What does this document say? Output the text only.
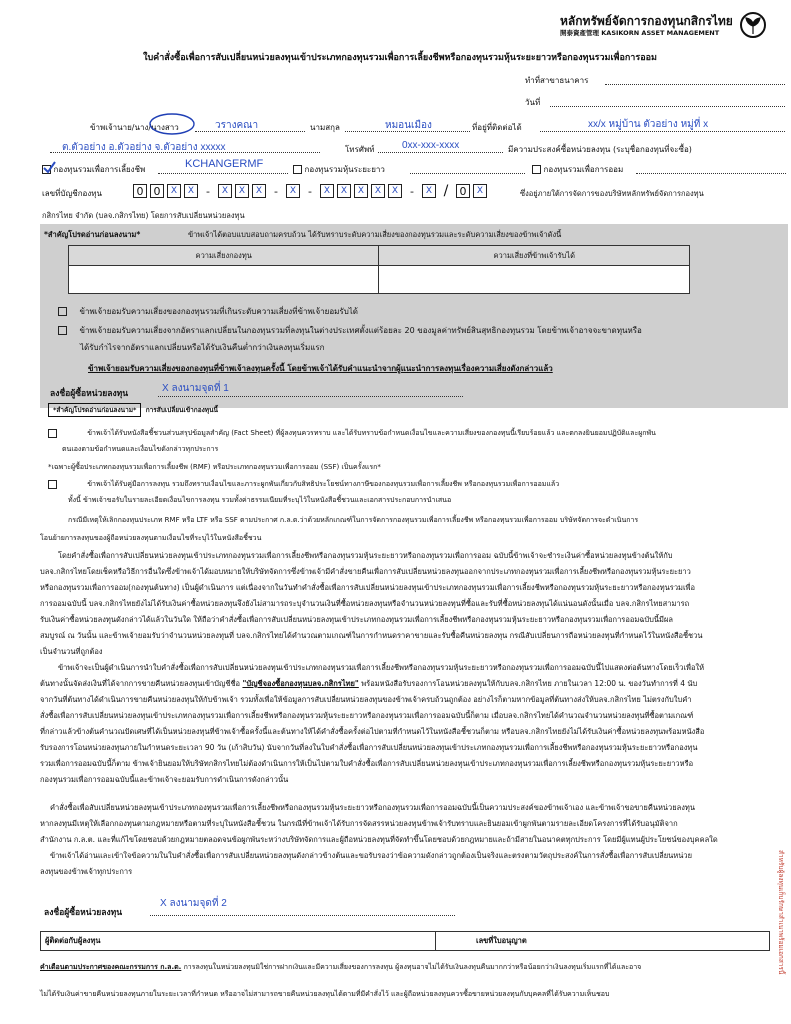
หลักทรัพย์จัดการกองทุนกสิกรไทย
開泰資產管理 KASIKORN ASSET MANAGEMENT
ใบคำสั่งซื้อเพื่อการสับเปลี่ยนหน่วยลงทุนเข้าประเภทกองทุนรวมเพื่อการเลี้ยงชีพหรือกองทุนรวมหุ้นระยะยาวหรือกองทุนรวมเพื่อการออม
ทำที่สาขาธนาคาร
วันที่
ข้าพเจ้านาย/นาง/นางสาว	วรางคณา	นามสกุล	หมอนเมือง	ที่อยู่ที่ติดต่อได้	xx/x หมู่บ้าน ตัวอย่าง หมู่ที่ x
ต.ตัวอย่าง อ.ตัวอย่าง จ.ตัวอย่าง xxxxx	โทรศัพท์	0xx-xxx-xxxx	มีความประสงค์ซื้อหน่วยลงทุน (ระบุชื่อกองทุนที่จะซื้อ)
กองทุนรวมเพื่อการเลี้ยงชีพ	KCHANGERMF	กองทุนรวมหุ้นระยะยาว	กองทุนรวมเพื่อการออม
เลขที่บัญชีกองทุน	0 0	X	X	-	X	X	X	-	X	-	X	X	X	X	X	-	X /	0	X	ซึ่งอยู่ภายใต้การจัดการของบริษัทหลักทรัพย์จัดการกองทุน
กสิกรไทย จำกัด (บลจ.กสิกรไทย) โดยการสับเปลี่ยนหน่วยลงทุน
*สำคัญโปรดอ่านก่อนลงนาม*	ข้าพเจ้าได้ตอบแบบสอบถามครบถ้วน ได้รับทราบระดับความเสี่ยงของกองทุนรวมและระดับความเสี่ยงของข้าพเจ้าดังนี้
ความเสี่ยงกองทุน	ความเสี่ยงที่ข้าพเจ้ารับได้

ข้าพเจ้ายอมรับความเสี่ยงของกองทุนรวมที่เกินระดับความเสี่ยงที่ข้าพเจ้ายอมรับได้
ข้าพเจ้ายอมรับความเสี่ยงจากอัตราแลกเปลี่ยนในกองทุนรวมที่ลงทุนในต่างประเทศตั้งแต่ร้อยละ 20 ของมูลค่าทรัพย์สินสุทธิกองทุนรวม โดยข้าพเจ้าอาจจะขาดทุนหรือ
ได้รับกำไรจากอัตราแลกเปลี่ยนหรือได้รับเงินคืนต่ำกว่าเงินลงทุนเริ่มแรก
ข้าพเจ้ายอมรับความเสี่ยงของกองทุนที่ข้าพเจ้าลงทุนครั้งนี้ โดยข้าพเจ้าได้รับคำแนะนำจากผู้แนะนำการลงทุนเรื่องความเสี่ยงดังกล่าวแล้ว
ลงชื่อผู้ซื้อหน่วยลงทุน	X ลงนามจุดที่ 1
*สำคัญโปรดอ่านก่อนลงนาม* การสับเปลี่ยนเข้ากองทุนนี้
ข้าพเจ้าได้รับหนังสือชี้ชวนส่วนสรุปข้อมูลสำคัญ (Fact Sheet) ที่ผู้ลงทุนควรทราบ และได้รับทราบข้อกำหนดเงื่อนไขและความเสี่ยงของกองทุนนี้เรียบร้อยแล้ว และตกลงยินยอมปฏิบัติและผูกพัน
ตนเองตามข้อกำหนดและเงื่อนไขดังกล่าวทุกประการ
*เฉพาะผู้ซื้อประเภทกองทุนรวมเพื่อการเลี้ยงชีพ (RMF) หรือประเภทกองทุนรวมเพื่อการออม (SSF) เป็นครั้งแรก*
ข้าพเจ้าได้รับคู่มือการลงทุน รวมถึงทราบเงื่อนไขและภาระผูกพันเกี่ยวกับสิทธิประโยชน์ทางภาษีของกองทุนรวมเพื่อการเลี้ยงชีพ หรือกองทุนรวมเพื่อการออมแล้ว
ทั้งนี้ ข้าพเจ้าขอรับในรายละเอียดเงื่อนไขการลงทุน รวมทั้งค่าธรรมเนียมที่ระบุไว้ในหนังสือชี้ชวนและเอกสารประกอบการนำเสนอ
กรณีมีเหตุให้เลิกกองทุนประเภท RMF หรือ LTF หรือ SSF ตามประกาศ ก.ล.ต.ว่าด้วยหลักเกณฑ์ในการจัดการกองทุนรวมเพื่อการเลี้ยงชีพ หรือกองทุนรวมเพื่อการออม บริษัทจัดการจะดำเนินการ
โอนย้ายการลงทุนของผู้ถือหน่วยลงทุนตามเงื่อนไขที่ระบุไว้ในหนังสือชี้ชวน
โดยคำสั่งซื้อเพื่อการสับเปลี่ยนหน่วยลงทุนเข้าประเภทกองทุนรวมเพื่อการเลี้ยงชีพหรือกองทุนรวมหุ้นระยะยาวหรือกองทุนรวมเพื่อการออม ฉบับนี้ข้าพเจ้าจะชำระเงินค่าซื้อหน่วยลงทุนข้างต้นให้กับ
บลจ.กสิกรไทยโดยเช็คหรือวิธีการอื่นใดซึ่งข้าพเจ้าได้มอบหมายให้บริษัทจัดการซึ่งข้าพเจ้ามีคำสั่งขายคืนเพื่อการสับเปลี่ยนหน่วยลงทุนออกจากประเภทกองทุนรวมเพื่อการเลี้ยงชีพหรือกองทุนรวมหุ้นระยะยาว
หรือกองทุนรวมเพื่อการออม(กองทุนต้นทาง) เป็นผู้ดำเนินการ แต่เนื่องจากในวันทำคำสั่งซื้อเพื่อการสับเปลี่ยนหน่วยลงทุนเข้าประเภทกองทุนรวมเพื่อการเลี้ยงชีพหรือกองทุนรวมหุ้นระยะยาวหรือกองทุนรวมเพื่อ
การออมฉบับนี้ บลจ.กสิกรไทยยังไม่ได้รับเงินค่าซื้อหน่วยลงทุนจึงยังไม่สามารถระบุจำนวนเงินที่ซื้อหน่วยลงทุนหรือจำนวนหน่วยลงทุนที่ซื้อและรับที่ซื้อหน่วยลงทุนได้แน่นอนดังนั้นเมื่อ บลจ.กสิกรไทยสามารถ
รับเงินค่าซื้อหน่วยลงทุนดังกล่าวได้แล้วในวันใด ให้ถือว่าคำสั่งซื้อเพื่อการสับเปลี่ยนหน่วยลงทุนเข้าประเภทกองทุนรวมเพื่อการเลี้ยงชีพหรือกองทุนรวมหุ้นระยะยาวหรือกองทุนรวมเพื่อการออมฉบับนี้มีผล
สมบูรณ์ ณ วันนั้น และข้าพเจ้ายอมรับว่าจำนวนหน่วยลงทุนที่ บลจ.กสิกรไทยได้คำนวณตามเกณฑ์ในการกำหนดราคาขายและรับซื้อคืนหน่วยลงทุน กรณีสับเปลี่ยนการถือหน่วยลงทุนที่กำหนดไว้ในหนังสือชี้ชวน
เป็นจำนวนที่ถูกต้อง
ข้าพเจ้าจะเป็นผู้ดำเนินการนำใบคำสั่งซื้อเพื่อการสับเปลี่ยนหน่วยลงทุนเข้าประเภทกองทุนรวมเพื่อการเลี้ยงชีพหรือกองทุนรวมหุ้นระยะยาวหรือกองทุนรวมเพื่อการออมฉบับนี้ไปแสดงต่อต้นทางโดยเร็วเพื่อให้
ต้นทางนั้นจัดส่งเงินที่ได้จากการขายคืนหน่วยลงทุนเข้าบัญชีชื่อ "บัญชีจองซื้อกองทุนบลจ.กสิกรไทย" พร้อมหนังสือรับรองการโอนหน่วยลงทุนให้กับบลจ.กสิกรไทย ภายในเวลา 12:00 น. ของวันทำการที่ 4 นับ
จากวันที่ต้นทางได้ดำเนินการขายคืนหน่วยลงทุนให้กับข้าพเจ้า รวมทั้งเพื่อให้ข้อมูลการสับเปลี่ยนหน่วยลงทุนของข้าพเจ้าครบถ้วนถูกต้อง อย่างไรก็ตามหากข้อมูลที่ต้นทางส่งให้บลจ.กสิกรไทย ไม่ตรงกับใบคำ
สั่งซื้อเพื่อการสับเปลี่ยนหน่วยลงทุนเข้าประเภทกองทุนรวมเพื่อการเลี้ยงชีพหรือกองทุนรวมหุ้นระยะยาวหรือกองทุนรวมเพื่อการออมฉบับนี้ก็ตาม เมื่อบลจ.กสิกรไทยได้คำนวณจำนวนหน่วยลงทุนที่ซื้อตามเกณฑ์
ที่กล่าวแล้วข้างต้นคำนวณปัดเศษที่ได้เป็นหน่วยลงทุนที่ข้าพเจ้าซื้อครั้งนี้และต้นทางให้ได้คำสั่งซื้อครั้งต่อไปตามที่กำหนดไว้ในหนังสือชี้ชวนก็ตาม หรือบลจ.กสิกรไทยยังไม่ได้รับเงินค่าซื้อหน่วยลงทุนพร้อมหนังสือ
รับรองการโอนหน่วยลงทุนภายในกำหนดระยะเวลา 90 วัน (เก้าสิบวัน) นับจากวันที่ลงในใบคำสั่งซื้อเพื่อการสับเปลี่ยนหน่วยลงทุนเข้าประเภทกองทุนรวมเพื่อการเลี้ยงชีพหรือกองทุนรวมหุ้นระยะยาวหรือกองทุน
รวมเพื่อการออมฉบับนี้ก็ตาม ข้าพเจ้ายินยอมให้บริษัทกสิกรไทยไม่ต้องดำเนินการให้เป็นไปตามใบคำสั่งซื้อเพื่อการสับเปลี่ยนหน่วยลงทุนเข้าประเภทกองทุนรวมเพื่อการเลี้ยงชีพหรือกองทุนรวมหุ้นระยะยาวหรือ
กองทุนรวมเพื่อการออมฉบับนี้และข้าพเจ้าจะยอมรับการดำเนินการดังกล่าวนั้น
คำสั่งซื้อเพื่อสับเปลี่ยนหน่วยลงทุนเข้าประเภทกองทุนรวมเพื่อการเลี้ยงชีพหรือกองทุนรวมหุ้นระยะยาวหรือกองทุนรวมเพื่อการออมฉบับนี้เป็นความประสงค์ของข้าพเจ้าเอง และข้าพเจ้าขอขายคืนหน่วยลงทุน
หากลงทุนมีเหตุให้เลือกกองทุนตามกฎหมายหรือตามที่ระบุในหนังสือชี้ชวน ในกรณีที่ข้าพเจ้าได้รับการจัดสรรหน่วยลงทุนข้าพเจ้ารับทราบและยินยอมเข้าผูกพันตามรายละเอียดโครงการที่ได้รับอนุมัติจาก
สำนักงาน ก.ล.ต. และที่แก้ไขโดยชอบด้วยกฎหมายตลอดจนข้อผูกพันระหว่างบริษัทจัดการและผู้ถือหน่วยลงทุนที่จัดทำขึ้นโดยชอบด้วยกฎหมายและถ้ามีสายในอนาคตทุกประการ โดยมีผู้แทนผู้ประโยชน์ของบุคคลใด
ข้าพเจ้าได้อ่านและเข้าใจข้อความในใบคำสั่งซื้อเพื่อการสับเปลี่ยนหน่วยลงทุนดังกล่าวข้างต้นและขอรับรองว่าข้อความดังกล่าวถูกต้องเป็นจริงและตรงตามวัตถุประสงค์ในการสั่งซื้อเพื่อการสับเปลี่ยนหน่วย
ลงทุนของข้าพเจ้าทุกประการ
ลงชื่อผู้ซื้อหน่วยลงทุน
X ลงนามจุดที่ 2
ผู้ติดต่อกับผู้ลงทุน	เลขที่ใบอนุญาต
คำเตือนตามประกาศของคณะกรรมการ ก.ล.ต. การลงทุนในหน่วยลงทุนมิใช่การฝากเงินและมีความเสี่ยงของการลงทุน ผู้ลงทุนอาจไม่ได้รับเงินลงทุนคืนมากกว่าหรือน้อยกว่าเงินลงทุนเริ่มแรกที่ได้และอาจ
ไม่ได้รับเงินค่าขายคืนหน่วยลงทุนภายในระยะเวลาที่กำหนด หรืออาจไม่สามารถขายคืนหน่วยลงทุนได้ตามที่มีคำสั่งไว้ และผู้ถือหน่วยลงทุนควรซื้อขายหน่วยลงทุนกับบุคคลที่ได้รับความเห็นชอบ
สำหรับผู้ลงทุนเก็บรักษาสำเนาพร้อมเอกสารนี้
